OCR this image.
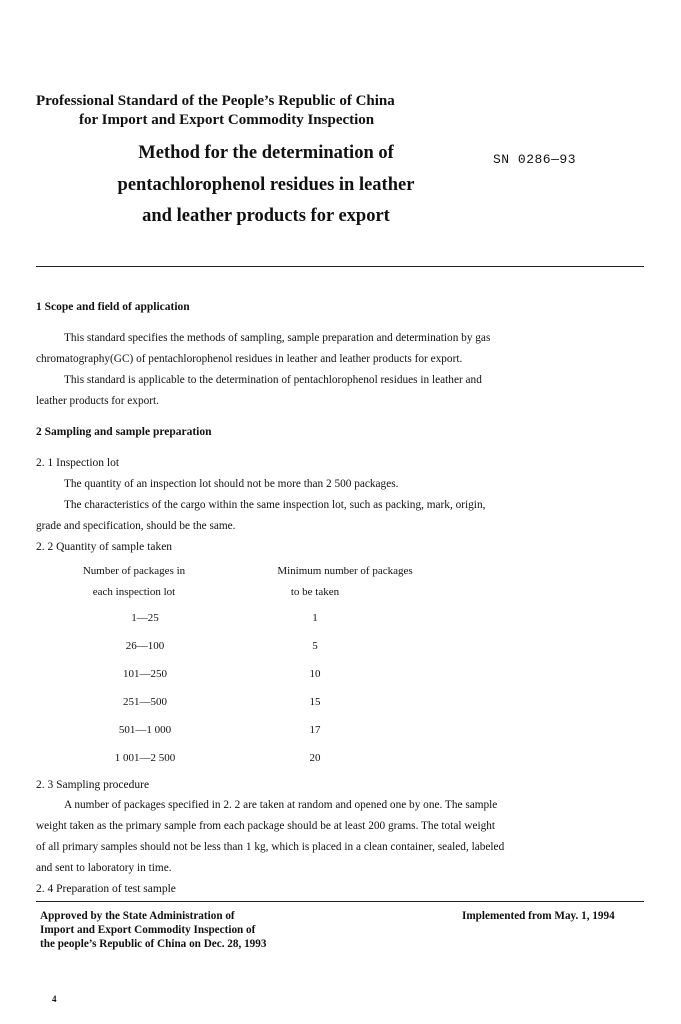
Professional Standard of the People’s Republic of China
for Import and Export Commodity Inspection
Method for the determination of
pentachlorophenol residues in leather
and leather products for export
SN 0286—93
1 Scope and field of application
This standard specifies the methods of sampling, sample preparation and determination by gas
chromatography(GC) of pentachlorophenol residues in leather and leather products for export.
This standard is applicable to the determination of pentachlorophenol residues in leather and
leather products for export.
2 Sampling and sample preparation
2. 1 Inspection lot
The quantity of an inspection lot should not be more than 2 500 packages.
The characteristics of the cargo within the same inspection lot, such as packing, mark, origin,
grade and specification, should be the same.
2. 2 Quantity of sample taken
Number of packages in
each inspection lot
Minimum number of packages
to be taken
1—25	1
26—100	5
101—250	10
251—500	15
501—1 000	17
1 001—2 500	20
2. 3 Sampling procedure
A number of packages specified in 2. 2 are taken at random and opened one by one. The sample
weight taken as the primary sample from each package should be at least 200 grams. The total weight
of all primary samples should not be less than 1 kg, which is placed in a clean container, sealed, labeled
and sent to laboratory in time.
2. 4 Preparation of test sample
Approved by the State Administration of
Import and Export Commodity Inspection of
the people’s Republic of China on Dec. 28, 1993
Implemented from May. 1, 1994
4
